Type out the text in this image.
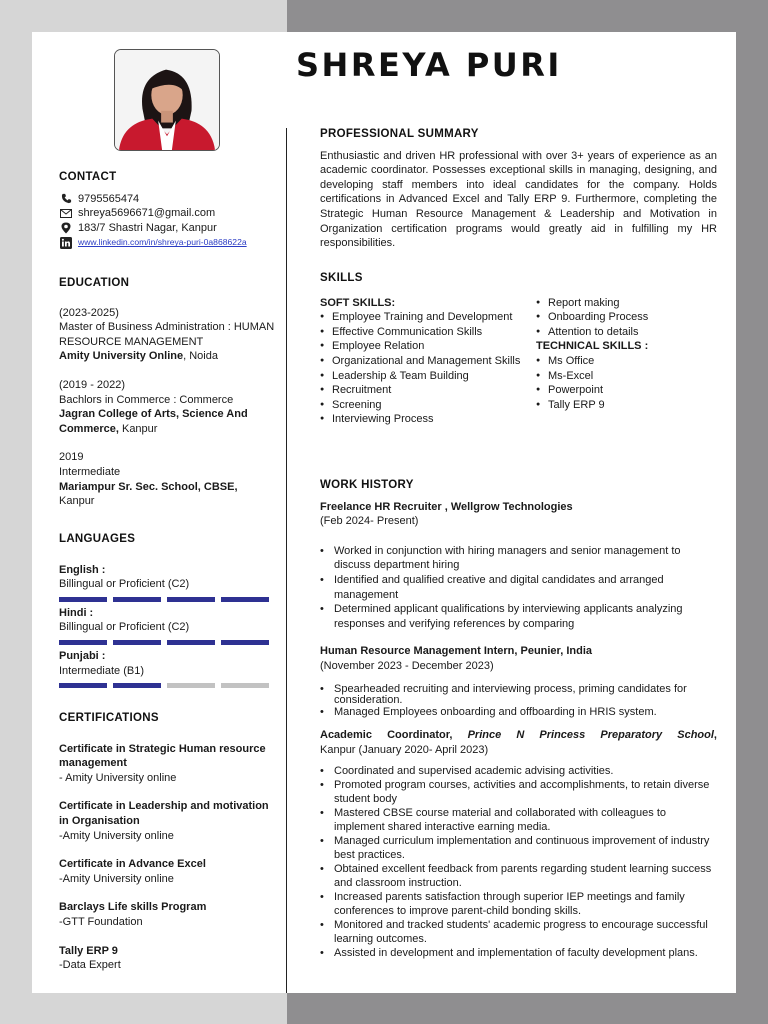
SHREYA PURI
CONTACT
9795565474
shreya5696671@gmail.com
183/7 Shastri Nagar, Kanpur
www.linkedin.com/in/shreya-puri-0a868622a
EDUCATION
(2023-2025)
Master of Business Administration : HUMAN RESOURCE MANAGEMENT
Amity University Online, Noida
(2019 - 2022)
Bachlors in Commerce : Commerce
Jagran College of Arts, Science And Commerce, Kanpur
2019
Intermediate
Mariampur Sr. Sec. School, CBSE,
Kanpur
LANGUAGES
English :
Billingual or Proficient (C2)
Hindi :
Billingual or Proficient (C2)
Punjabi :
Intermediate (B1)
CERTIFICATIONS
Certificate in Strategic Human resource management
- Amity University online
Certificate in Leadership and motivation in Organisation
-Amity University online
Certificate in Advance Excel
-Amity University online
Barclays Life skills Program
-GTT Foundation
Tally ERP 9
-Data Expert
PROFESSIONAL SUMMARY

Enthusiastic and driven HR professional with over 3+ years of experience as an academic coordinator. Possesses exceptional skills in managing, designing, and developing staff members into ideal candidates for the company. Holds certifications in Advanced Excel and Tally ERP 9. Furthermore, completing the Strategic Human Resource Management & Leadership and Motivation in Organization certification programs would greatly aid in fulfilling my HR responsibilities.

SKILLS
SOFT SKILLS:
● Employee Training and Development
● Effective Communication Skills
● Employee Relation
● Organizational and Management Skills
● Leadership & Team Building
● Recruitment
● Screening
● Interviewing Process
● Report making
● Onboarding Process
● Attention to details
TECHNICAL SKILLS :
● Ms Office
● Ms-Excel
● Powerpoint
● Tally ERP 9
WORK HISTORY
Freelance HR Recruiter , Wellgrow Technologies
(Feb 2024- Present)
• Worked in conjunction with hiring managers and senior management to discuss department hiring
• Identified and qualified creative and digital candidates and arranged management
• Determined applicant qualifications by interviewing applicants analyzing responses and verifying references by comparing
Human Resource Management Intern, Peunier, India
(November 2023 - December 2023)
• Spearheaded recruiting and interviewing process, priming candidates for consideration.
• Managed Employees onboarding and offboarding in HRIS system.
Academic Coordinator, Prince N Princess Preparatory School,
Kanpur (January 2020- April 2023)
• Coordinated and supervised academic advising activities.
• Promoted program courses, activities and accomplishments, to retain diverse student body
• Mastered CBSE course material and collaborated with colleagues to implement shared interactive earning media.
• Managed curriculum implementation and continuous improvement of industry best practices.
• Obtained excellent feedback from parents regarding student learning success and classroom instruction.
• Increased parents satisfaction through superior IEP meetings and family conferences to improve parent-child bonding skills.
• Monitored and tracked students' academic progress to encourage successful learning outcomes.
• Assisted in development and implementation of faculty development plans.
